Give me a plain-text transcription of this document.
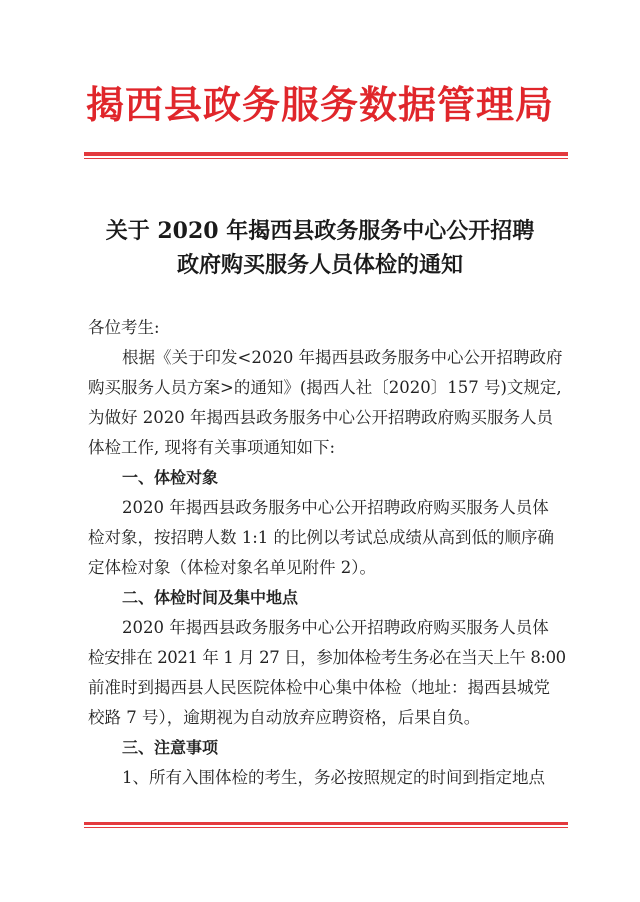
揭西县政务服务数据管理局
关于 2020 年揭西县政务服务中心公开招聘
政府购买服务人员体检的通知
各位考生:
根据《关于印发<2020 年揭西县政务服务中心公开招聘政府
购买服务人员方案>的通知》(揭西人社〔2020〕157 号)文规定,
为做好 2020 年揭西县政务服务中心公开招聘政府购买服务人员
体检工作, 现将有关事项通知如下:
一、体检对象
2020 年揭西县政务服务中心公开招聘政府购买服务人员体
检对象，按招聘人数 1:1 的比例以考试总成绩从高到低的顺序确
定体检对象（体检对象名单见附件 2）。
二、体检时间及集中地点
2020 年揭西县政务服务中心公开招聘政府购买服务人员体
检安排在 2021 年 1 月 27 日，参加体检考生务必在当天上午 8:00
前准时到揭西县人民医院体检中心集中体检（地址：揭西县城党
校路 7 号），逾期视为自动放弃应聘资格，后果自负。
三、注意事项
1、所有入围体检的考生，务必按照规定的时间到指定地点
